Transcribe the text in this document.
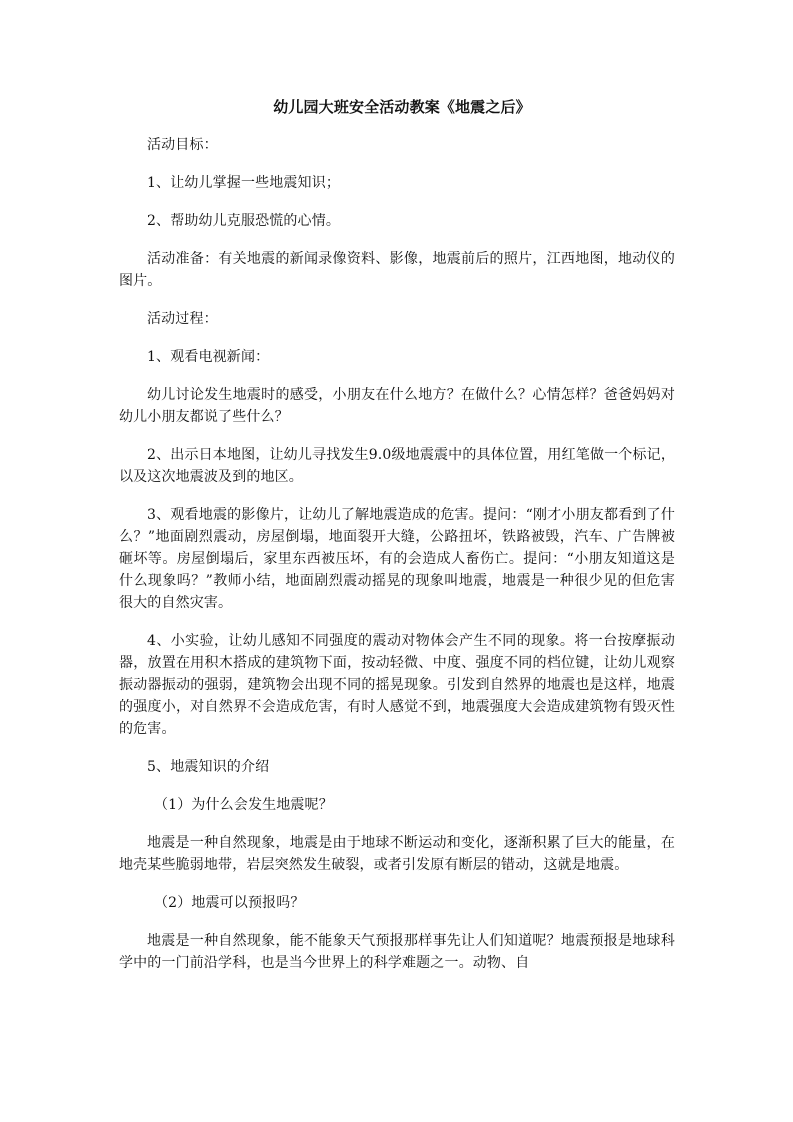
幼儿园大班安全活动教案《地震之后》

活动目标：

1、让幼儿掌握一些地震知识；

2、帮助幼儿克服恐慌的心情。

活动准备：有关地震的新闻录像资料、影像，地震前后的照片，江西地图，地动仪的图片。

活动过程：

1、观看电视新闻：

幼儿讨论发生地震时的感受，小朋友在什么地方？在做什么？心情怎样？爸爸妈妈对幼儿小朋友都说了些什么？

2、出示日本地图，让幼儿寻找发生9.0级地震震中的具体位置，用红笔做一个标记，以及这次地震波及到的地区。

3、观看地震的影像片，让幼儿了解地震造成的危害。提问：“刚才小朋友都看到了什么？”地面剧烈震动，房屋倒塌，地面裂开大缝，公路扭坏，铁路被毁，汽车、广告牌被砸坏等。房屋倒塌后，家里东西被压坏，有的会造成人畜伤亡。提问：“小朋友知道这是什么现象吗？”教师小结，地面剧烈震动摇晃的现象叫地震，地震是一种很少见的但危害很大的自然灾害。

4、小实验，让幼儿感知不同强度的震动对物体会产生不同的现象。将一台按摩振动器，放置在用积木搭成的建筑物下面，按动轻微、中度、强度不同的档位键，让幼儿观察振动器振动的强弱，建筑物会出现不同的摇晃现象。引发到自然界的地震也是这样，地震的强度小，对自然界不会造成危害，有时人感觉不到，地震强度大会造成建筑物有毁灭性的危害。

5、地震知识的介绍

（1）为什么会发生地震呢？

地震是一种自然现象，地震是由于地球不断运动和变化，逐渐积累了巨大的能量，在地壳某些脆弱地带，岩层突然发生破裂，或者引发原有断层的错动，这就是地震。

（2）地震可以预报吗？

地震是一种自然现象，能不能象天气预报那样事先让人们知道呢？地震预报是地球科学中的一门前沿学科，也是当今世界上的科学难题之一。动物、自
